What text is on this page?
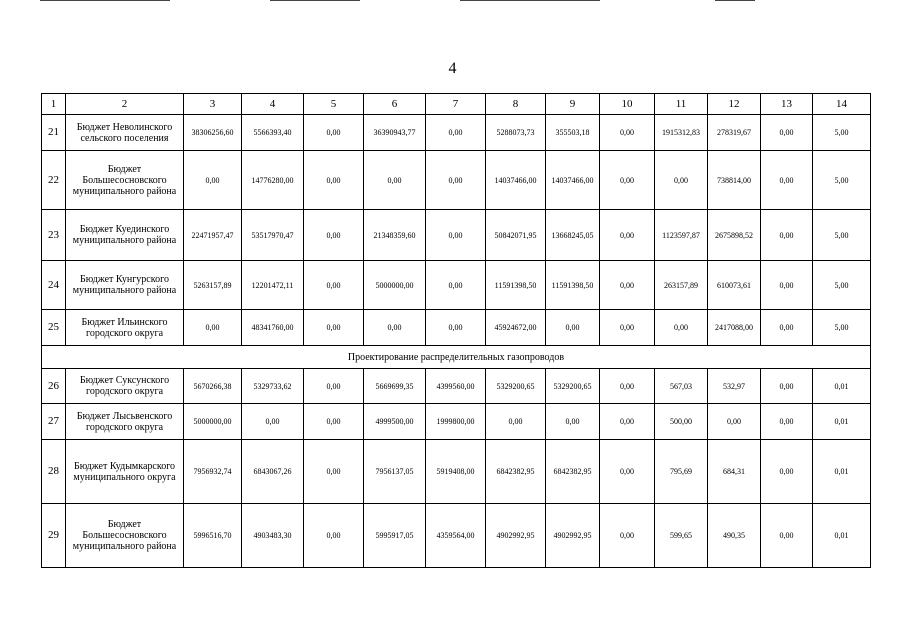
4
1	2	3	4	5	6	7	8	9	10	11	12	13	14
21	Бюджет Неволинского сельского поселения	38306256,60	5566393,40	0,00	36390943,77	0,00	5288073,73	355503,18	0,00	1915312,83	278319,67	0,00	5,00
22	Бюджет Большесосновского муниципального района	0,00	14776280,00	0,00	0,00	0,00	14037466,00	14037466,00	0,00	0,00	738814,00	0,00	5,00
23	Бюджет Куединского муниципального района	22471957,47	53517970,47	0,00	21348359,60	0,00	50842071,95	13668245,05	0,00	1123597,87	2675898,52	0,00	5,00
24	Бюджет Кунгурского муниципального района	5263157,89	12201472,11	0,00	5000000,00	0,00	11591398,50	11591398,50	0,00	263157,89	610073,61	0,00	5,00
25	Бюджет Ильинского городского округа	0,00	48341760,00	0,00	0,00	0,00	45924672,00	0,00	0,00	0,00	2417088,00	0,00	5,00
Проектирование распределительных газопроводов													
26	Бюджет Суксунского городского округа	5670266,38	5329733,62	0,00	5669699,35	4399560,00	5329200,65	5329200,65	0,00	567,03	532,97	0,00	0,01
27	Бюджет Лысьвенского городского округа	5000000,00	0,00	0,00	4999500,00	1999800,00	0,00	0,00	0,00	500,00	0,00	0,00	0,01
28	Бюджет Кудымкарского муниципального округа	7956932,74	6843067,26	0,00	7956137,05	5919408,00	6842382,95	6842382,95	0,00	795,69	684,31	0,00	0,01
29	Бюджет Большесосновского муниципального района	5996516,70	4903483,30	0,00	5995917,05	4359564,00	4902992,95	4902992,95	0,00	599,65	490,35	0,00	0,01
